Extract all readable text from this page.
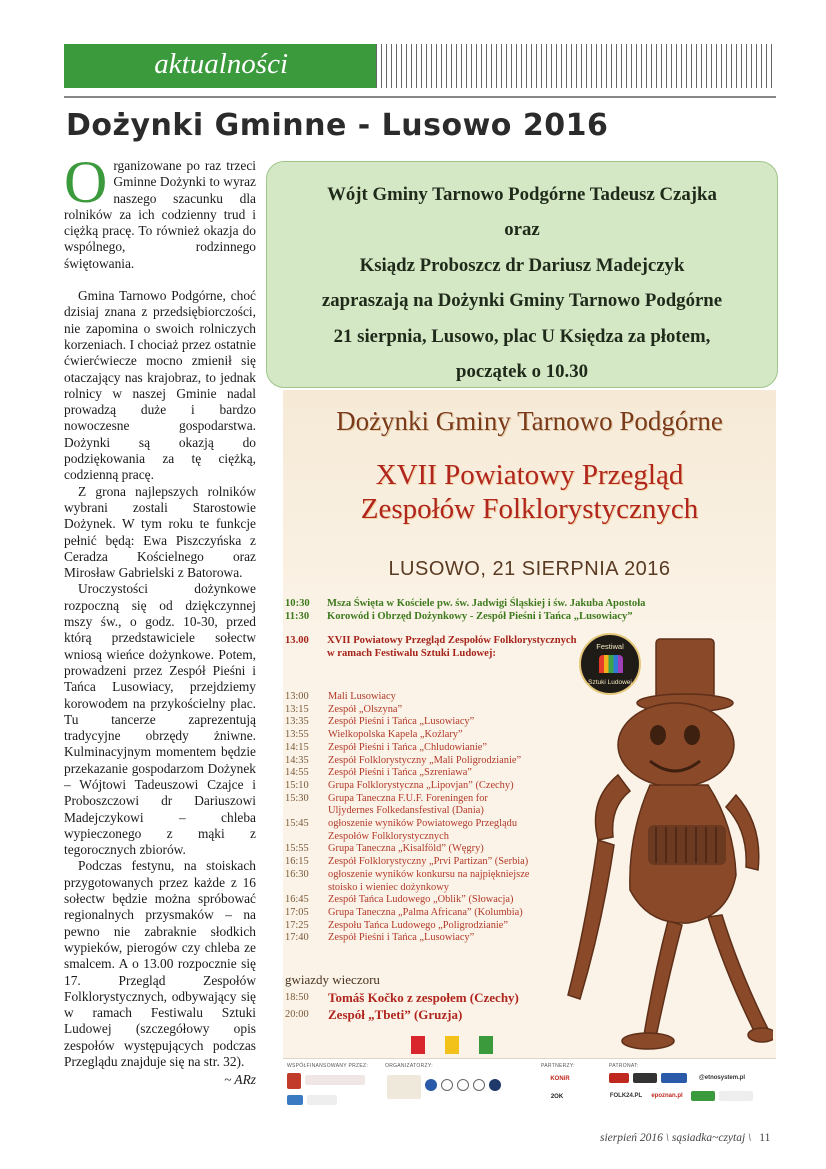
aktualności
Dożynki Gminne - Lusowo 2016

Organizowane po raz trzeci Gminne Dożynki to wyraz naszego szacunku dla rolników za ich codzienny trud i ciężką pracę. To również okazja do wspólnego, rodzinnego świętowania.

Gmina Tarnowo Podgórne, choć dzisiaj znana z przedsiębiorczości, nie zapomina o swoich rolniczych korzeniach. I chociaż przez ostatnie ćwierćwiecze mocno zmienił się otaczający nas krajobraz, to jednak rolnicy w naszej Gminie nadal prowadzą duże i bardzo nowoczesne gospodarstwa. Dożynki są okazją do podziękowania za tę ciężką, codzienną pracę.

Z grona najlepszych rolników wybrani zostali Starostowie Dożynek. W tym roku te funkcje pełnić będą: Ewa Piszczyńska z Ceradza Kościelnego oraz Mirosław Gabrielski z Batorowa.

Uroczystości dożynkowe rozpoczną się od dziękczynnej mszy św., o godz. 10-30, przed którą przedstawiciele sołectw wniosą wieńce dożynkowe. Potem, prowadzeni przez Zespół Pieśni i Tańca Lusowiacy, przejdziemy korowodem na przykościelny plac. Tu tancerze zaprezentują tradycyjne obrzędy żniwne. Kulminacyjnym momentem będzie przekazanie gospodarzom Dożynek – Wójtowi Tadeuszowi Czajce i Proboszczowi dr Dariuszowi Madejczykowi – chleba wypieczonego z mąki z tegorocznych zbiorów.

Podczas festynu, na stoiskach przygotowanych przez każde z 16 sołectw będzie można spróbować regionalnych przysmaków – na pewno nie zabraknie słodkich wypieków, pierogów czy chleba ze smalcem. A o 13.00 rozpocznie się 17. Przegląd Zespołów Folklorystycznych, odbywający się w ramach Festiwalu Sztuki Ludowej (szczegółowy opis zespołów występujących podczas Przeglądu znajduje się na str. 32).

~ ARz
Wójt Gminy Tarnowo Podgórne Tadeusz Czajka
oraz
Ksiądz Proboszcz dr Dariusz Madejczyk
zapraszają na Dożynki Gminy Tarnowo Podgórne
21 sierpnia, Lusowo, plac U Księdza za płotem,
początek o 10.30
Dożynki Gminy Tarnowo Podgórne
XVII Powiatowy Przegląd
Zespołów Folklorystycznych
LUSOWO, 21 SIERPNIA 2016
10:30	Msza Święta w Kościele pw. św. Jadwigi Śląskiej i św. Jakuba Apostoła
11:30	Korowód i Obrzęd Dożynkowy - Zespół Pieśni i Tańca „Lusowiacy”
13.00	XVII Powiatowy Przegląd Zespołów Folklorystycznych
w ramach Festiwalu Sztuki Ludowej:
Festiwal
Sztuki Ludowej
13:00	Mali Lusowiacy
13:15	Zespół „Olszyna”
13:35	Zespół Pieśni i Tańca „Lusowiacy”
13:55	Wielkopolska Kapela „Koźlary”
14:15	Zespół Pieśni i Tańca „Chludowianie”
14:35	Zespół Folklorystyczny „Mali Poligrodzianie”
14:55	Zespół Pieśni i Tańca „Szreniawa”
15:10	Grupa Folklorystyczna „Lipovjan” (Czechy)
15:30	Grupa Taneczna F.U.F. Foreningen for
Uljydernes Folkedansfestival (Dania)
15:45	ogłoszenie wyników Powiatowego Przeglądu
Zespołów Folklorystycznych
15:55	Grupa Taneczna „Kisalföld” (Węgry)
16:15	Zespół Folklorystyczny „Prvi Partizan” (Serbia)
16:30	ogłoszenie wyników konkursu na najpiękniejsze
stoisko i wieniec dożynkowy
16:45	Zespół Tańca Ludowego „Oblik” (Słowacja)
17:05	Grupa Taneczna „Palma Africana” (Kolumbia)
17:25	Zespołu Tańca Ludowego „Poligrodzianie”
17:40	Zespół Pieśni i Tańca „Lusowiacy”
gwiazdy wieczoru
18:50	Tomáš Kočko z zespołem (Czechy)
20:00	Zespół „Tbeti” (Gruzja)
WSPÓŁFINANSOWANY PRZEZ:	ORGANIZATORZY:	PARTNERZY:	PATRONAT:
KONiR
2OK
@etnosystem.pl
FOLK24.PL	epoznan.pl
sierpień 2016 \ sąsiadka~czytaj \ 11
